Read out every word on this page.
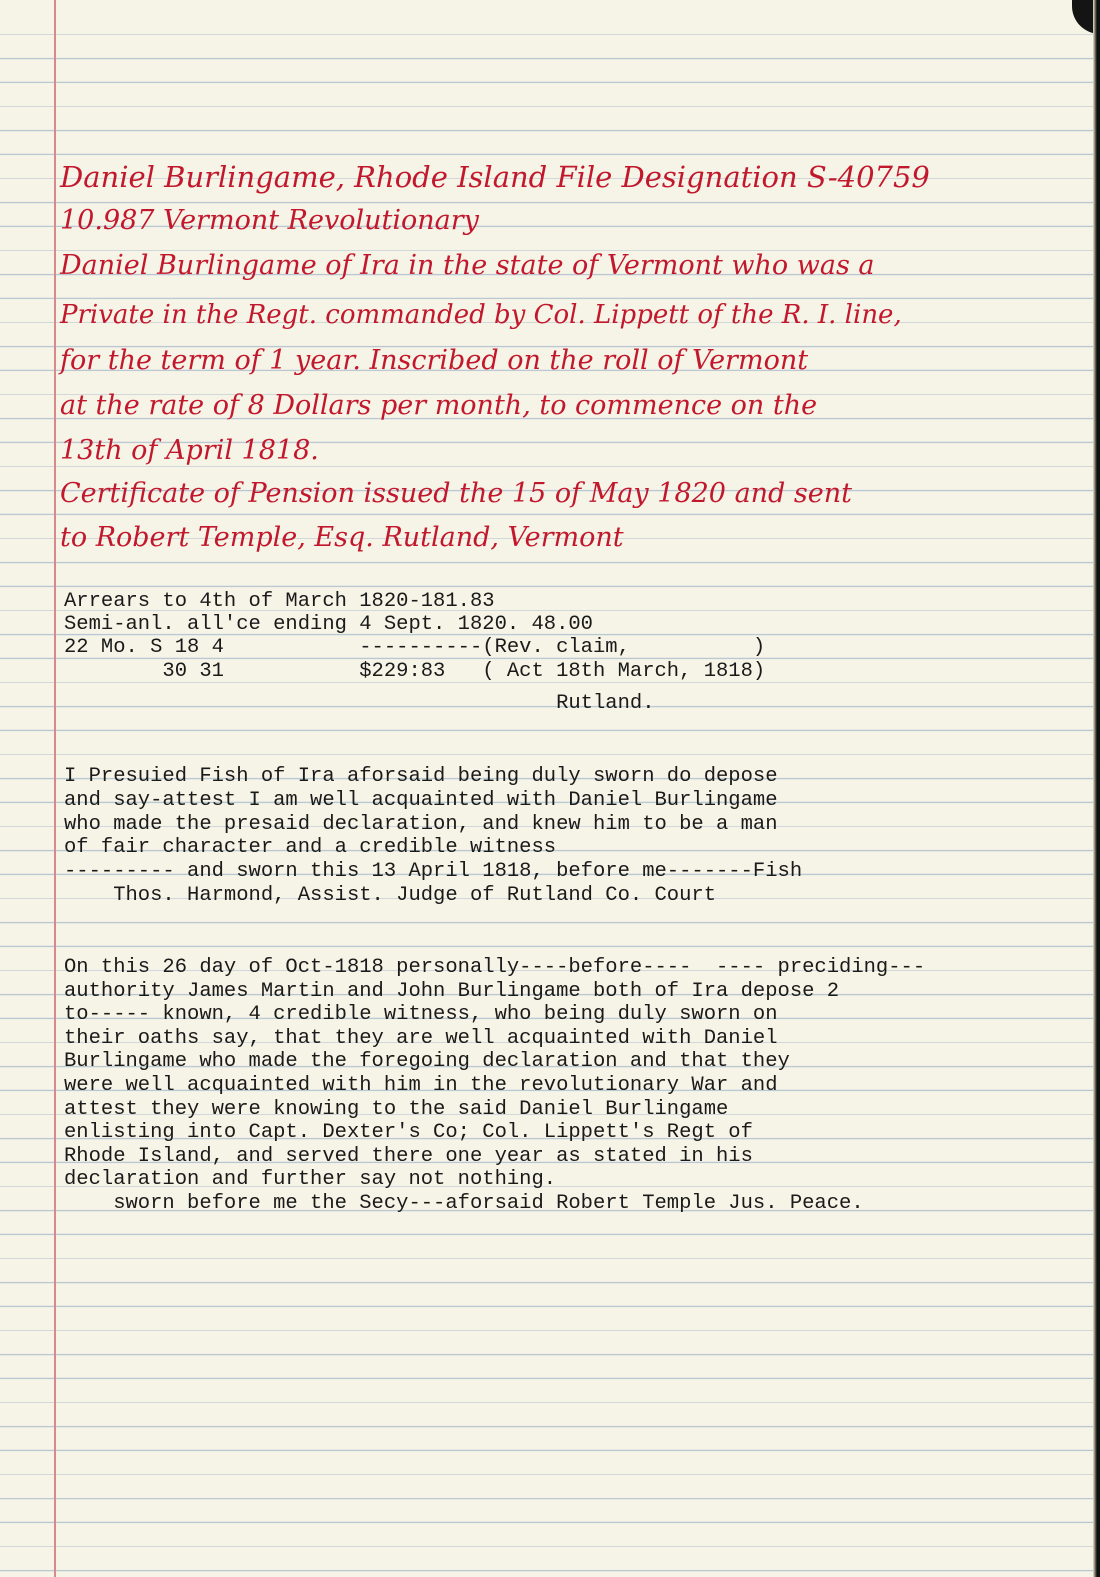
Daniel Burlingame, Rhode Island File Designation S-40759

10.987 Vermont Revolutionary

Daniel Burlingame of Ira in the state of Vermont who was a

Private in the Regt. commanded by Col. Lippett of the R. I. line,

for the term of 1 year. Inscribed on the roll of Vermont

at the rate of 8 Dollars per month, to commence on the

13th of April 1818.

Certificate of Pension issued the 15 of May 1820 and sent

to Robert Temple, Esq. Rutland, Vermont

Arrears to 4th of March 1820-181.83

Semi-anl. all'ce ending 4 Sept. 1820. 48.00

22 Mo. S 18 4           ----------(Rev. claim,          )

30 31           $229:83   ( Act 18th March, 1818)

Rutland.

I Presuied Fish of Ira aforsaid being duly sworn do depose

and say-attest I am well acquainted with Daniel Burlingame

who made the presaid declaration, and knew him to be a man

of fair character and a credible witness

--------- and sworn this 13 April 1818, before me-------Fish

Thos. Harmond, Assist. Judge of Rutland Co. Court

On this 26 day of Oct-1818 personally----before----  ---- preciding---

authority James Martin and John Burlingame both of Ira depose 2

to----- known, 4 credible witness, who being duly sworn on

their oaths say, that they are well acquainted with Daniel

Burlingame who made the foregoing declaration and that they

were well acquainted with him in the revolutionary War and

attest they were knowing to the said Daniel Burlingame

enlisting into Capt. Dexter's Co; Col. Lippett's Regt of

Rhode Island, and served there one year as stated in his

declaration and further say not nothing.

sworn before me the Secy---aforsaid Robert Temple Jus. Peace.
